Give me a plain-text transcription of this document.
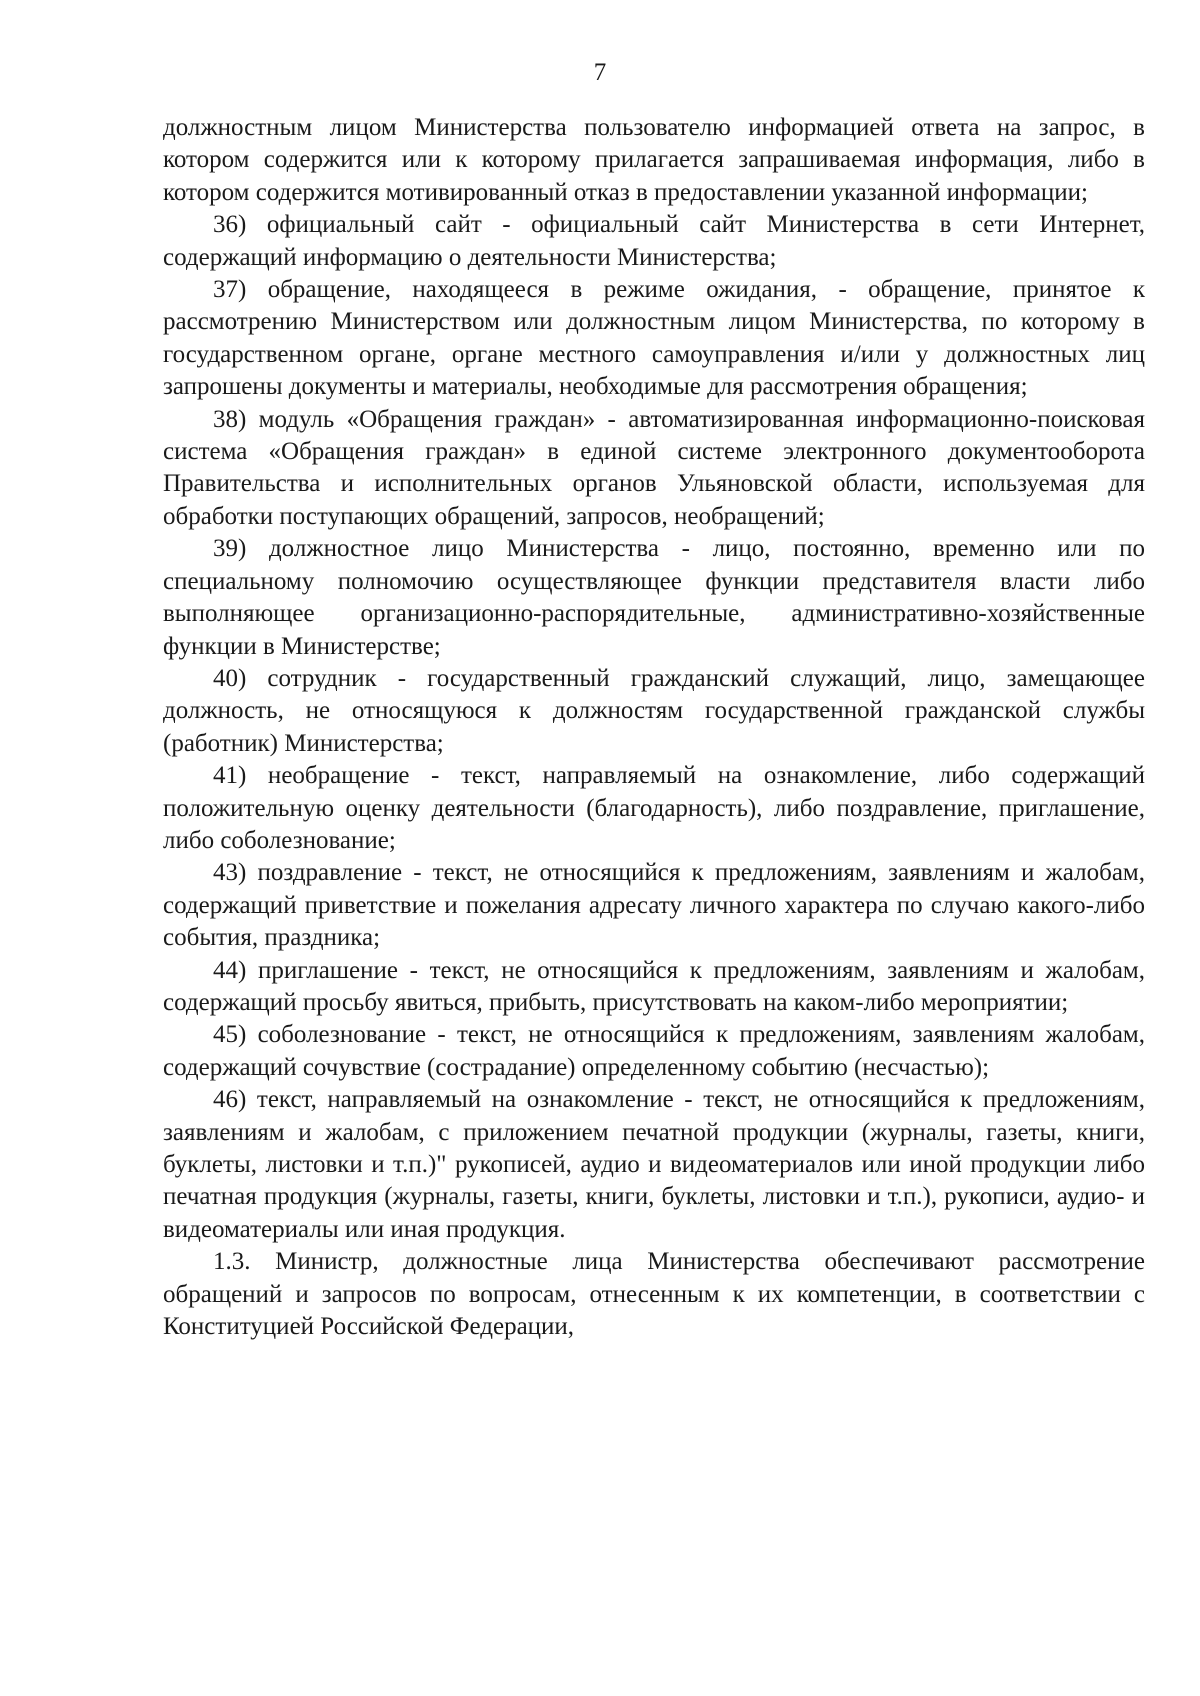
7

должностным лицом Министерства пользователю информацией ответа на запрос, в котором содержится или к которому прилагается запрашиваемая информация, либо в котором содержится мотивированный отказ в предоставлении указанной информации;

36) официальный сайт - официальный сайт Министерства в сети Интернет, содержащий информацию о деятельности Министерства;

37) обращение, находящееся в режиме ожидания, - обращение, принятое к рассмотрению Министерством или должностным лицом Министерства, по которому в государственном органе, органе местного самоуправления и/или у должностных лиц запрошены документы и материалы, необходимые для рассмотрения обращения;

38) модуль «Обращения граждан» - автоматизированная информационно-поисковая система «Обращения граждан» в единой системе электронного документооборота Правительства и исполнительных органов Ульяновской области, используемая для обработки поступающих обращений, запросов, необращений;

39) должностное лицо Министерства - лицо, постоянно, временно или по специальному полномочию осуществляющее функции представителя власти либо выполняющее организационно-распорядительные, административно-хозяйственные функции в Министерстве;

40) сотрудник - государственный гражданский служащий, лицо, замещающее должность, не относящуюся к должностям государственной гражданской службы (работник) Министерства;

41) необращение - текст, направляемый на ознакомление, либо содержащий положительную оценку деятельности (благодарность), либо поздравление, приглашение, либо соболезнование;

43) поздравление - текст, не относящийся к предложениям, заявлениям и жалобам, содержащий приветствие и пожелания адресату личного характера по случаю какого-либо события, праздника;

44) приглашение - текст, не относящийся к предложениям, заявлениям и жалобам, содержащий просьбу явиться, прибыть, присутствовать на каком-либо мероприятии;

45) соболезнование - текст, не относящийся к предложениям, заявлениям жалобам, содержащий сочувствие (сострадание) определенному событию (несчастью);

46) текст, направляемый на ознакомление - текст, не относящийся к предложениям, заявлениям и жалобам, с приложением печатной продукции (журналы, газеты, книги, буклеты, листовки и т.п.)" рукописей, аудио и видеоматериалов или иной продукции либо печатная продукция (журналы, газеты, книги, буклеты, листовки и т.п.), рукописи, аудио- и видеоматериалы или иная продукция.

1.3. Министр, должностные лица Министерства обеспечивают рассмотрение обращений и запросов по вопросам, отнесенным к их компетенции, в соответствии с Конституцией Российской Федерации,
